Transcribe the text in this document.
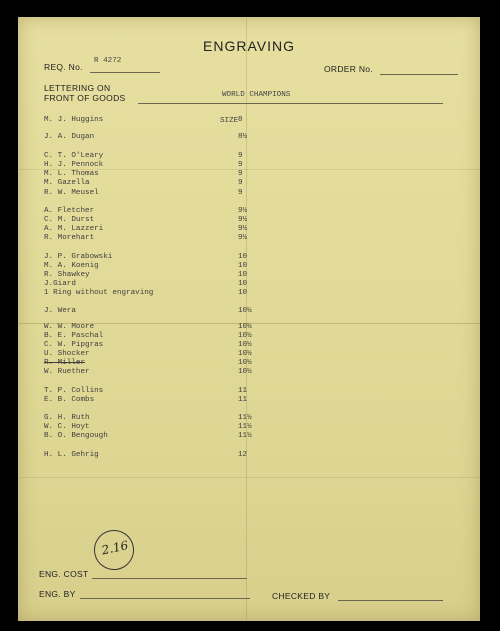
ENGRAVING
REQ. No.
R 4272
ORDER No.
LETTERING ON
FRONT OF GOODS	WORLD CHAMPIONS
SIZE
M. J. Huggins	8
J. A. Dugan	8½
C. T. O'Leary	9
H. J. Pennock	9
M. L. Thomas	9
M. Gazella	9
R. W. Meusel	9
A. Fletcher	9½
C. M. Durst	9½
A. M. Lazzeri	9½
R. Morehart	9½
J. P. Grabowski	10
M. A. Koenig	10
R. Shawkey	10
J.Giard	10
1 Ring without engraving	10
J. Wera	10½
W. W. Moore	10½
B. E. Paschal	10½
C. W. Pipgras	10½
U. Shocker	10½
R. Miller	10½
W. Ruether	10½
T. P. Collins	11
E. B. Combs	11
G. H. Ruth	11½
W. C. Hoyt	11½
B. O. Bengough	11½
H. L. Gehrig	12
ENG. COST
2.16
ENG. BY	CHECKED BY
